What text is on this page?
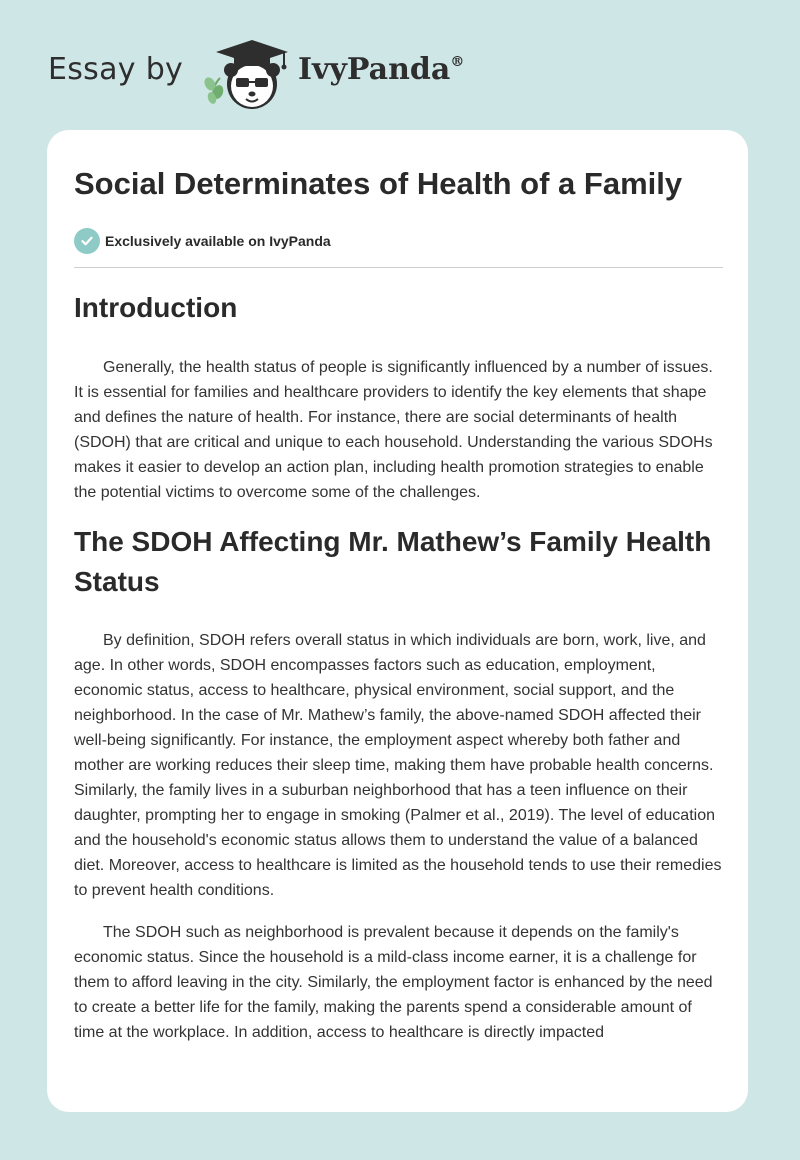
Essay by	IvyPanda®
Social Determinates of Health of a Family
Exclusively available on IvyPanda
Introduction

Generally, the health status of people is significantly influenced by a number of issues. It is essential for families and healthcare providers to identify the key elements that shape and defines the nature of health. For instance, there are social determinants of health (SDOH) that are critical and unique to each household. Understanding the various SDOHs makes it easier to develop an action plan, including health promotion strategies to enable the potential victims to overcome some of the challenges.

The SDOH Affecting Mr. Mathew’s Family Health Status

By definition, SDOH refers overall status in which individuals are born, work, live, and age. In other words, SDOH encompasses factors such as education, employment, economic status, access to healthcare, physical environment, social support, and the neighborhood. In the case of Mr. Mathew’s family, the above-named SDOH affected their well-being significantly. For instance, the employment aspect whereby both father and mother are working reduces their sleep time, making them have probable health concerns. Similarly, the family lives in a suburban neighborhood that has a teen influence on their daughter, prompting her to engage in smoking (Palmer et al., 2019). The level of education and the household's economic status allows them to understand the value of a balanced diet. Moreover, access to healthcare is limited as the household tends to use their remedies to prevent health conditions.

The SDOH such as neighborhood is prevalent because it depends on the family's economic status. Since the household is a mild-class income earner, it is a challenge for them to afford leaving in the city. Similarly, the employment factor is enhanced by the need to create a better life for the family, making the parents spend a considerable amount of time at the workplace. In addition, access to healthcare is directly impacted
